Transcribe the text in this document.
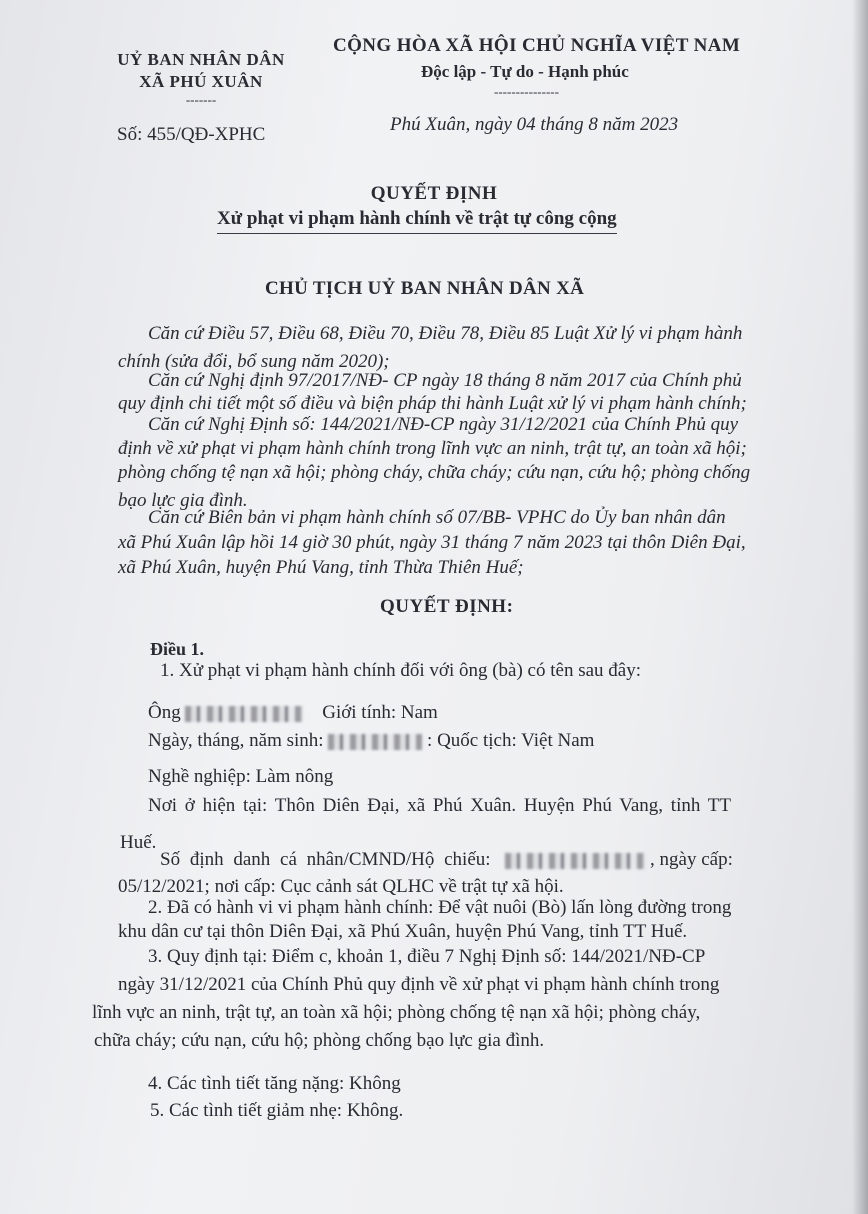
UỶ BAN NHÂN DÂN
XÃ PHÚ XUÂN
-------
CỘNG HÒA XÃ HỘI CHỦ NGHĨA VIỆT NAM
Độc lập - Tự do - Hạnh phúc
---------------
Số: 455/QĐ-XPHC	Phú Xuân, ngày 04 tháng 8 năm 2023
QUYẾT ĐỊNH
Xử phạt vi phạm hành chính về trật tự công cộng
CHỦ TỊCH UỶ BAN NHÂN DÂN XÃ
Căn cứ Điều 57, Điều 68, Điều 70, Điều 78, Điều 85 Luật Xử lý vi phạm hành
chính (sửa đổi, bổ sung năm 2020);
Căn cứ Nghị định 97/2017/NĐ- CP ngày 18 tháng 8 năm 2017 của Chính phủ
quy định chi tiết một số điều và biện pháp thi hành Luật xử lý vi phạm hành chính;
Căn cứ Nghị Định số: 144/2021/NĐ-CP ngày 31/12/2021 của Chính Phủ quy
định về xử phạt vi phạm hành chính trong lĩnh vực an ninh, trật tự, an toàn xã hội;
phòng chống tệ nạn xã hội; phòng cháy, chữa cháy; cứu nạn, cứu hộ; phòng chống
bạo lực gia đình.
Căn cứ Biên bản vi phạm hành chính số 07/BB- VPHC do Ủy ban nhân dân
xã Phú Xuân lập hồi 14 giờ 30 phút, ngày 31 tháng 7 năm 2023 tại thôn Diên Đại,
xã Phú Xuân, huyện Phú Vang, tỉnh Thừa Thiên Huế;
QUYẾT ĐỊNH:
Điều 1.
1. Xử phạt vi phạm hành chính đối với ông (bà) có tên sau đây:
Ông	Giới tính: Nam
Ngày, tháng, năm sinh:	: Quốc tịch: Việt Nam
Nghề nghiệp: Làm nông
Nơi ở hiện tại: Thôn Diên Đại, xã Phú Xuân. Huyện Phú Vang, tỉnh TT
Huế.
Số định danh cá nhân/CMND/Hộ chiếu:	, ngày cấp:
05/12/2021; nơi cấp: Cục cảnh sát QLHC về trật tự xã hội.
2. Đã có hành vi vi phạm hành chính: Để vật nuôi (Bò) lấn lòng đường trong
khu dân cư tại thôn Diên Đại, xã Phú Xuân, huyện Phú Vang, tỉnh TT Huế.
3. Quy định tại: Điểm c, khoản 1, điều 7 Nghị Định số: 144/2021/NĐ-CP
ngày 31/12/2021 của Chính Phủ quy định về xử phạt vi phạm hành chính trong
lĩnh vực an ninh, trật tự, an toàn xã hội; phòng chống tệ nạn xã hội; phòng cháy,
chữa cháy; cứu nạn, cứu hộ; phòng chống bạo lực gia đình.
4. Các tình tiết tăng nặng: Không
5. Các tình tiết giảm nhẹ: Không.
